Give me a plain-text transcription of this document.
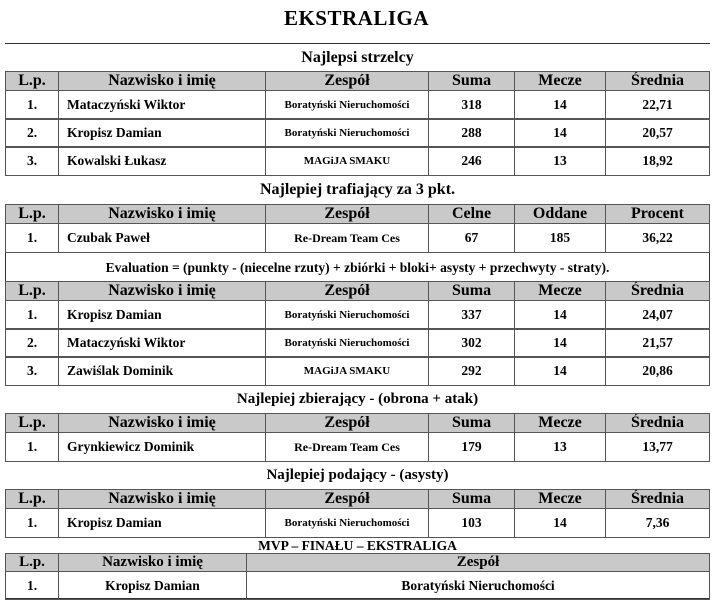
EKSTRALIGA
Najlepsi strzelcy
L.p.	Nazwisko i imię	Zespół	Suma	Mecze	Średnia
1.	Mataczyński Wiktor	Boratyński Nieruchomości	318	14	22,71
2.	Kropisz Damian	Boratyński Nieruchomości	288	14	20,57
3.	Kowalski Łukasz	MAGiJA SMAKU	246	13	18,92
Najlepiej trafiający za 3 pkt.
L.p.	Nazwisko i imię	Zespół	Celne	Oddane	Procent
1.	Czubak Paweł	Re-Dream Team Ces	67	185	36,22
Evaluation = (punkty - (niecelne rzuty) + zbiórki + bloki+ asysty + przechwyty - straty).
L.p.	Nazwisko i imię	Zespół	Suma	Mecze	Średnia
1.	Kropisz Damian	Boratyński Nieruchomości	337	14	24,07
2.	Mataczyński Wiktor	Boratyński Nieruchomości	302	14	21,57
3.	Zawiślak Dominik	MAGiJA SMAKU	292	14	20,86
Najlepiej zbierający - (obrona + atak)
L.p.	Nazwisko i imię	Zespół	Suma	Mecze	Średnia
1.	Grynkiewicz Dominik	Re-Dream Team Ces	179	13	13,77
Najlepiej podający - (asysty)
L.p.	Nazwisko i imię	Zespół	Suma	Mecze	Średnia
1.	Kropisz Damian	Boratyński Nieruchomości	103	14	7,36
MVP – FINAŁU – EKSTRALIGA
L.p.	Nazwisko i imię	Zespół
1.	Kropisz Damian	Boratyński Nieruchomości
